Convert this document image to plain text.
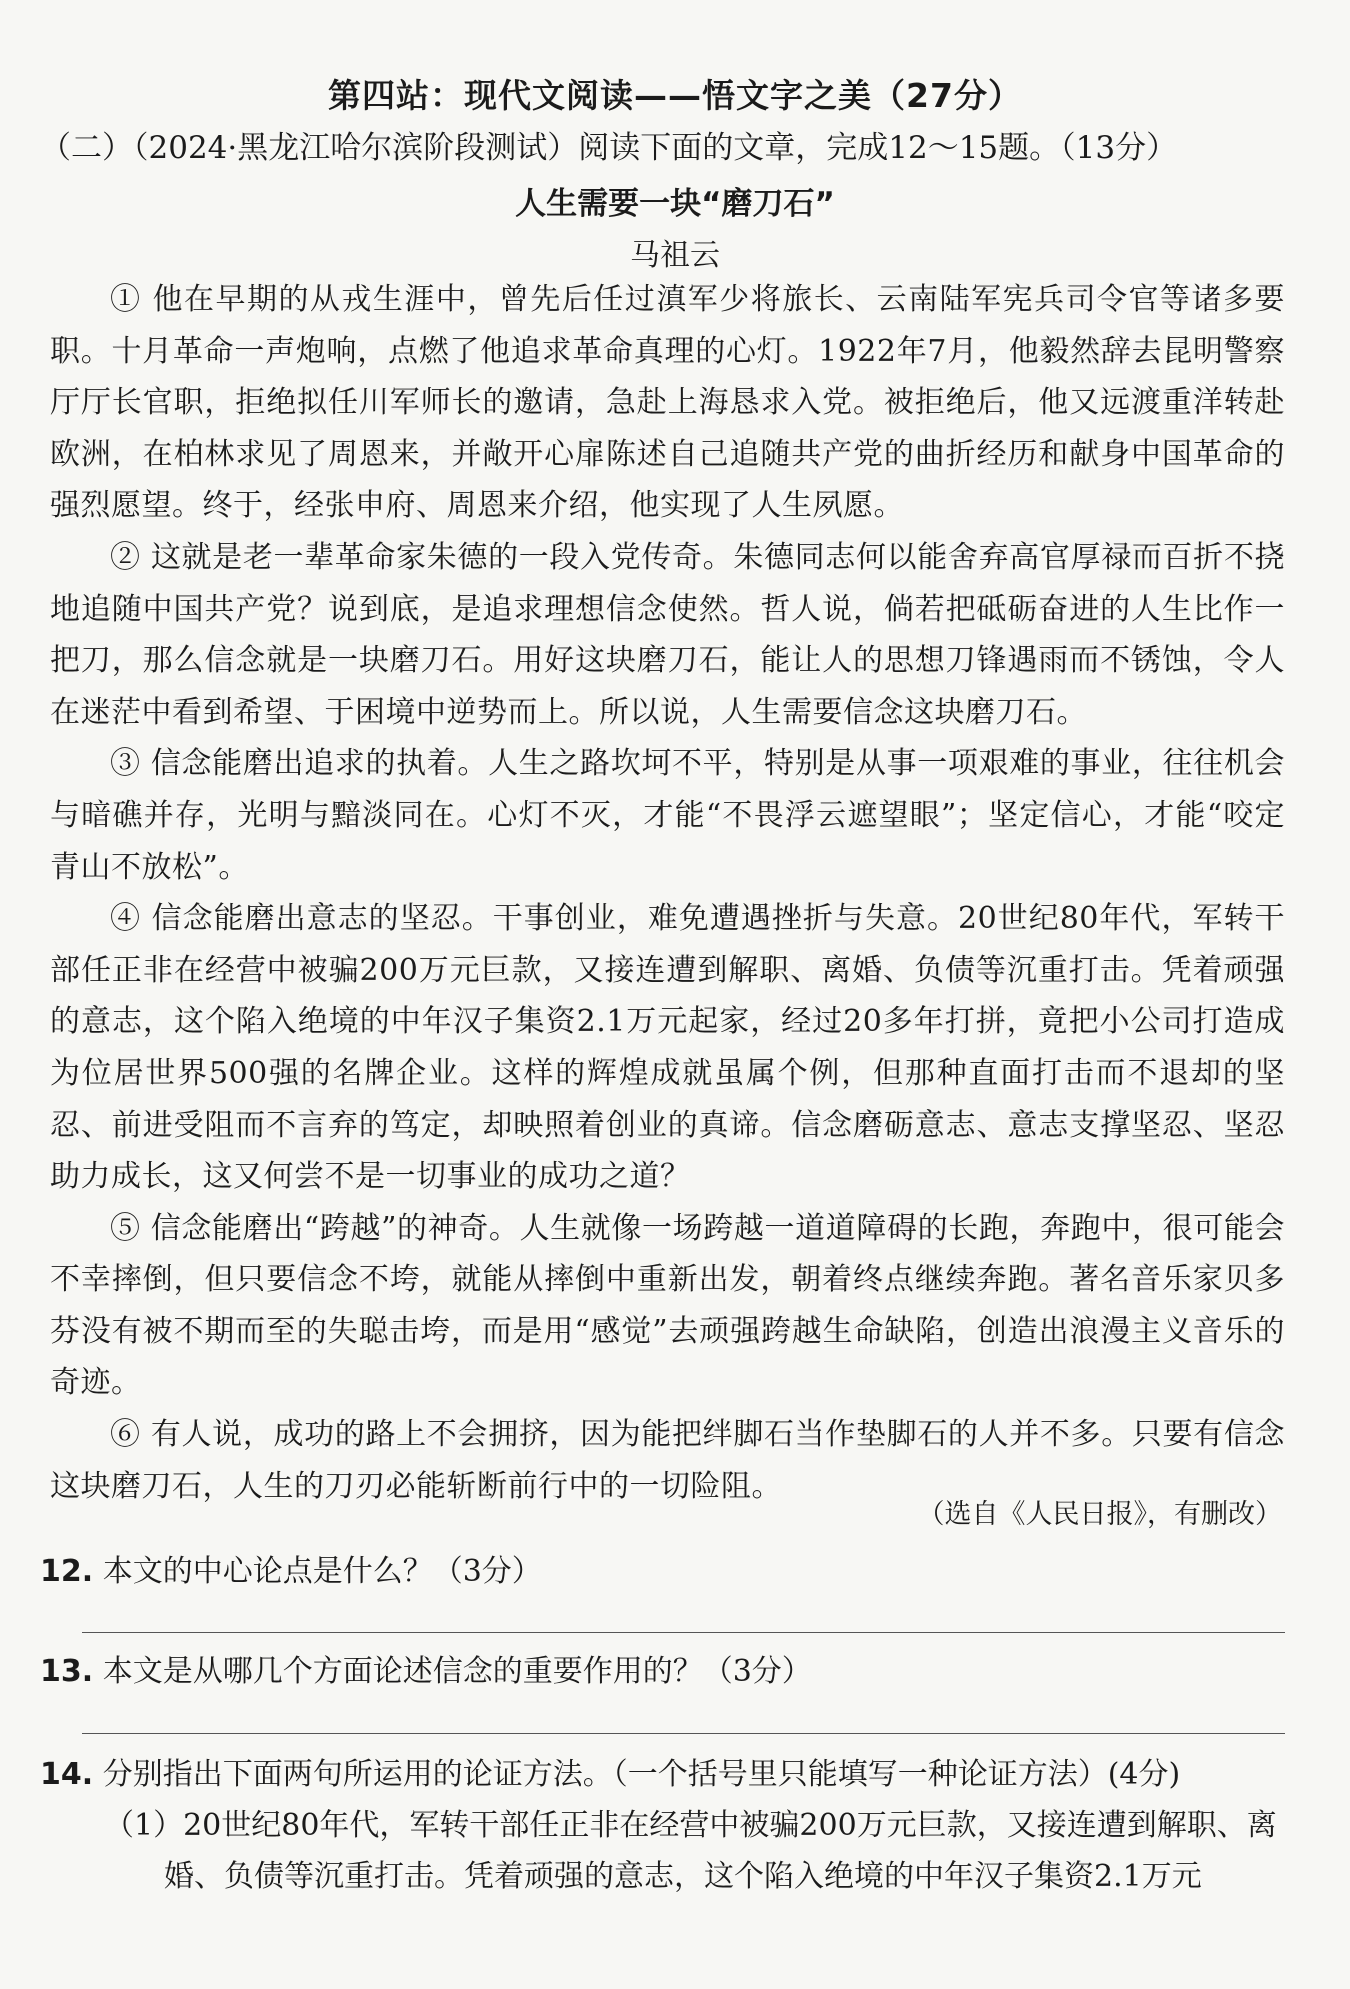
第四站：现代文阅读——悟文字之美（27分）
（二）（2024·黑龙江哈尔滨阶段测试）阅读下面的文章，完成12～15题。（13分）
人生需要一块“磨刀石”
马祖云

① 他在早期的从戎生涯中，曾先后任过滇军少将旅长、云南陆军宪兵司令官等诸多要职。十月革命一声炮响，点燃了他追求革命真理的心灯。1922年7月，他毅然辞去昆明警察厅厅长官职，拒绝拟任川军师长的邀请，急赴上海恳求入党。被拒绝后，他又远渡重洋转赴欧洲，在柏林求见了周恩来，并敞开心扉陈述自己追随共产党的曲折经历和献身中国革命的强烈愿望。终于，经张申府、周恩来介绍，他实现了人生夙愿。

② 这就是老一辈革命家朱德的一段入党传奇。朱德同志何以能舍弃高官厚禄而百折不挠地追随中国共产党？说到底，是追求理想信念使然。哲人说，倘若把砥砺奋进的人生比作一把刀，那么信念就是一块磨刀石。用好这块磨刀石，能让人的思想刀锋遇雨而不锈蚀，令人在迷茫中看到希望、于困境中逆势而上。所以说，人生需要信念这块磨刀石。

③ 信念能磨出追求的执着。人生之路坎坷不平，特别是从事一项艰难的事业，往往机会与暗礁并存，光明与黯淡同在。心灯不灭，才能“不畏浮云遮望眼”；坚定信心，才能“咬定青山不放松”。

④ 信念能磨出意志的坚忍。干事创业，难免遭遇挫折与失意。20世纪80年代，军转干部任正非在经营中被骗200万元巨款，又接连遭到解职、离婚、负债等沉重打击。凭着顽强的意志，这个陷入绝境的中年汉子集资2.1万元起家，经过20多年打拼，竟把小公司打造成为位居世界500强的名牌企业。这样的辉煌成就虽属个例，但那种直面打击而不退却的坚忍、前进受阻而不言弃的笃定，却映照着创业的真谛。信念磨砺意志、意志支撑坚忍、坚忍助力成长，这又何尝不是一切事业的成功之道？

⑤ 信念能磨出“跨越”的神奇。人生就像一场跨越一道道障碍的长跑，奔跑中，很可能会不幸摔倒，但只要信念不垮，就能从摔倒中重新出发，朝着终点继续奔跑。著名音乐家贝多芬没有被不期而至的失聪击垮，而是用“感觉”去顽强跨越生命缺陷，创造出浪漫主义音乐的奇迹。

⑥ 有人说，成功的路上不会拥挤，因为能把绊脚石当作垫脚石的人并不多。只要有信念这块磨刀石，人生的刀刃必能斩断前行中的一切险阻。

（选自《人民日报》，有删改）
12. 本文的中心论点是什么？（3分）
13. 本文是从哪几个方面论述信念的重要作用的？（3分）
14. 分别指出下面两句所运用的论证方法。（一个括号里只能填写一种论证方法）(4分)
（1）20世纪80年代，军转干部任正非在经营中被骗200万元巨款，又接连遭到解职、离婚、负债等沉重打击。凭着顽强的意志，这个陷入绝境的中年汉子集资2.1万元
